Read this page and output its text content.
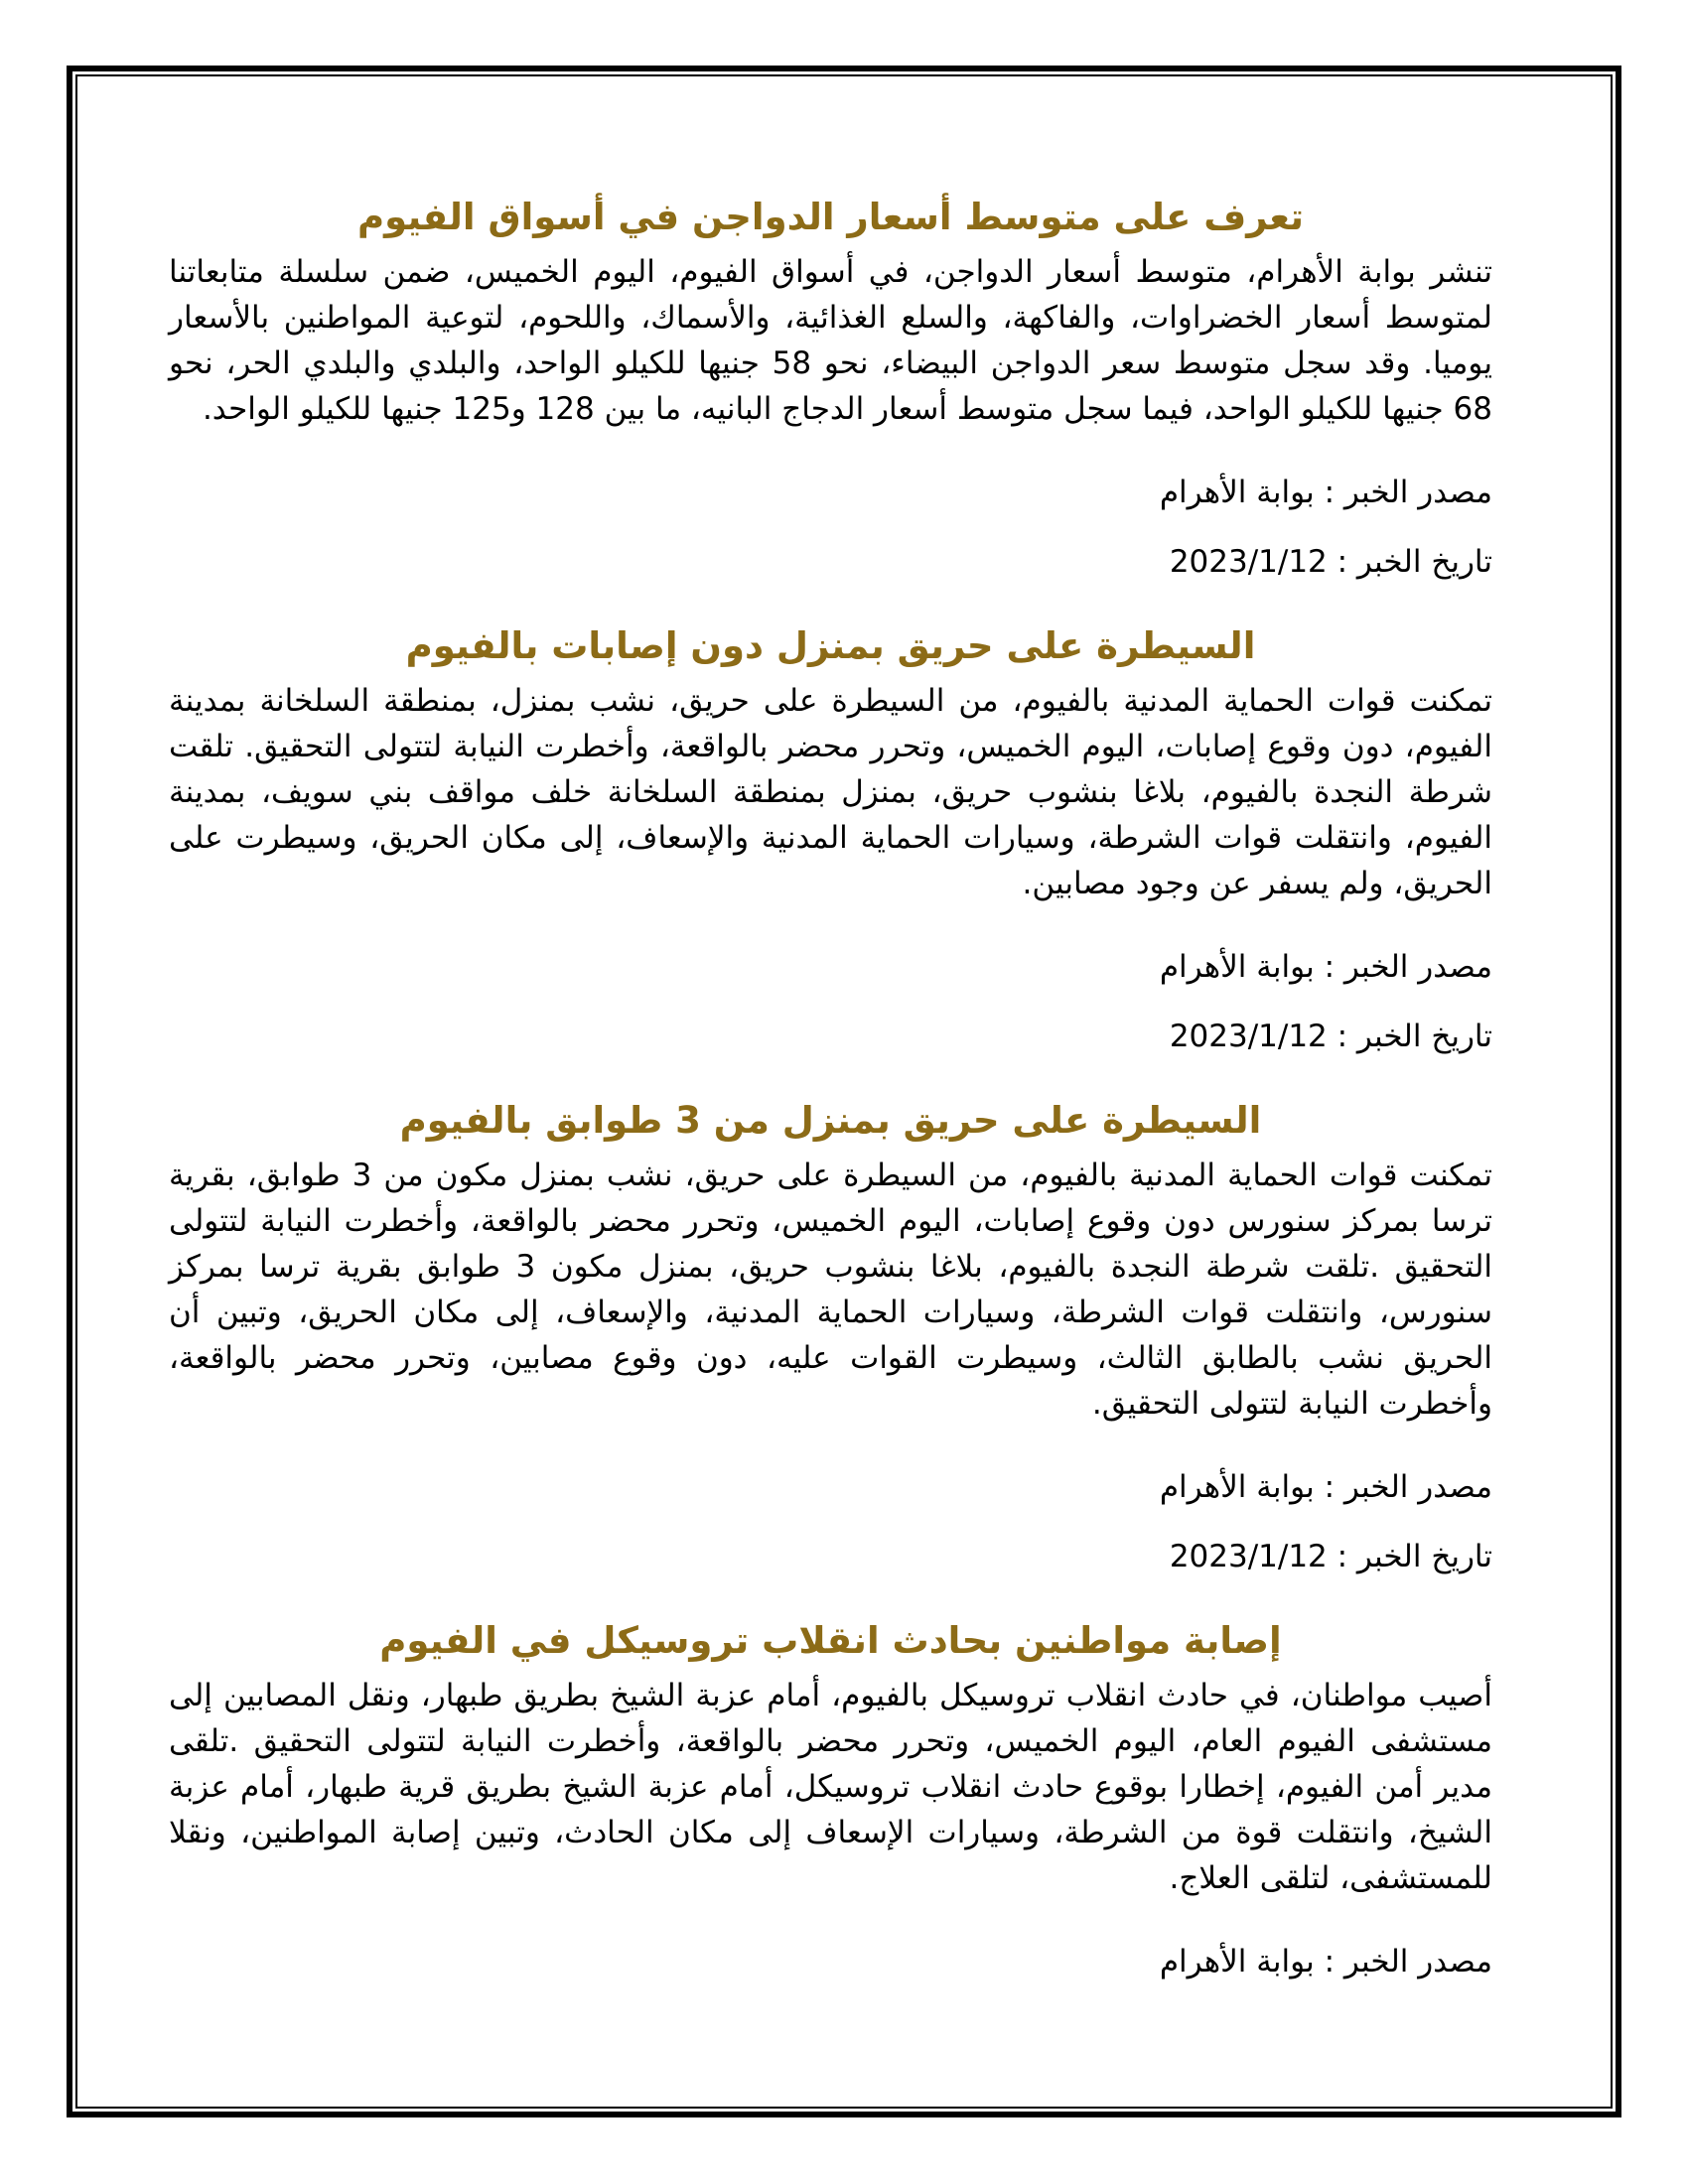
تعرف على متوسط أسعار الدواجن في أسواق الفيوم

تنشر بوابة الأهرام، متوسط أسعار الدواجن، في أسواق الفيوم، اليوم الخميس، ضمن سلسلة متابعاتنا لمتوسط أسعار الخضراوات، والفاكهة، والسلع الغذائية، والأسماك، واللحوم، لتوعية المواطنين بالأسعار يوميا. وقد سجل متوسط سعر الدواجن البيضاء، نحو 58 جنيها للكيلو الواحد، والبلدي والبلدي الحر، نحو 68 جنيها للكيلو الواحد، فيما سجل متوسط أسعار الدجاج البانيه، ما بين 128 و125 جنيها للكيلو الواحد.

مصدر الخبر : بوابة الأهرام

تاريخ الخبر : 2023/1/12

السيطرة على حريق بمنزل دون إصابات بالفيوم

تمكنت قوات الحماية المدنية بالفيوم، من السيطرة على حريق، نشب بمنزل، بمنطقة السلخانة بمدينة الفيوم، دون وقوع إصابات، اليوم الخميس، وتحرر محضر بالواقعة، وأخطرت النيابة لتتولى التحقيق. تلقت شرطة النجدة بالفيوم، بلاغا بنشوب حريق، بمنزل بمنطقة السلخانة خلف مواقف بني سويف، بمدينة الفيوم، وانتقلت قوات الشرطة، وسيارات الحماية المدنية والإسعاف، إلى مكان الحريق، وسيطرت على الحريق، ولم يسفر عن وجود مصابين.

مصدر الخبر : بوابة الأهرام

تاريخ الخبر : 2023/1/12

السيطرة على حريق بمنزل من 3 طوابق بالفيوم

تمكنت قوات الحماية المدنية بالفيوم، من السيطرة على حريق، نشب بمنزل مكون من 3 طوابق، بقرية ترسا بمركز سنورس دون وقوع إصابات، اليوم الخميس، وتحرر محضر بالواقعة، وأخطرت النيابة لتتولى التحقيق .تلقت شرطة النجدة بالفيوم، بلاغا بنشوب حريق، بمنزل مكون 3 طوابق بقرية ترسا بمركز سنورس، وانتقلت قوات الشرطة، وسيارات الحماية المدنية، والإسعاف، إلى مكان الحريق، وتبين أن الحريق نشب بالطابق الثالث، وسيطرت القوات عليه، دون وقوع مصابين، وتحرر محضر بالواقعة، وأخطرت النيابة لتتولى التحقيق.

مصدر الخبر : بوابة الأهرام

تاريخ الخبر : 2023/1/12

إصابة مواطنين بحادث انقلاب تروسيكل في الفيوم

أصيب مواطنان، في حادث انقلاب تروسيكل بالفيوم، أمام عزبة الشيخ بطريق طبهار، ونقل المصابين إلى مستشفى الفيوم العام، اليوم الخميس، وتحرر محضر بالواقعة، وأخطرت النيابة لتتولى التحقيق .تلقى مدير أمن الفيوم، إخطارا بوقوع حادث انقلاب تروسيكل، أمام عزبة الشيخ بطريق قرية طبهار، أمام عزبة الشيخ، وانتقلت قوة من الشرطة، وسيارات الإسعاف إلى مكان الحادث، وتبين إصابة المواطنين، ونقلا للمستشفى، لتلقى العلاج.

مصدر الخبر : بوابة الأهرام
